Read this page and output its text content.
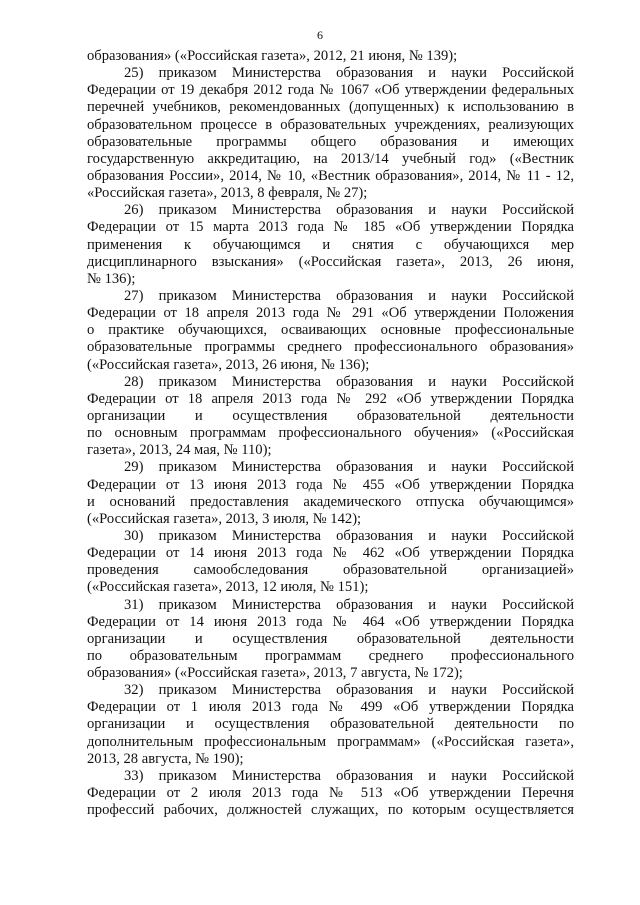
6
образования» («Российская газета», 2012, 21 июня, № 139);
25) приказом Министерства образования и науки Российской
Федерации от 19 декабря 2012 года № 1067 «Об утверждении федеральных
перечней учебников, рекомендованных (допущенных) к использованию в
образовательном процессе в образовательных учреждениях, реализующих
образовательные программы общего образования и имеющих
государственную аккредитацию, на 2013/14 учебный год» («Вестник
образования России», 2014, № 10, «Вестник образования», 2014, № 11 - 12,
«Российская газета», 2013, 8 февраля, № 27);
26) приказом Министерства образования и науки Российской
Федерации от 15 марта 2013 года № 185 «Об утверждении Порядка
применения к обучающимся и снятия с обучающихся мер
дисциплинарного взыскания» («Российская газета», 2013, 26 июня,
№ 136);
27) приказом Министерства образования и науки Российской
Федерации от 18 апреля 2013 года № 291 «Об утверждении Положения
о практике обучающихся, осваивающих основные профессиональные
образовательные программы среднего профессионального образования»
(«Российская газета», 2013, 26 июня, № 136);
28) приказом Министерства образования и науки Российской
Федерации от 18 апреля 2013 года № 292 «Об утверждении Порядка
организации и осуществления образовательной деятельности
по основным программам профессионального обучения» («Российская
газета», 2013, 24 мая, № 110);
29) приказом Министерства образования и науки Российской
Федерации от 13 июня 2013 года № 455 «Об утверждении Порядка
и оснований предоставления академического отпуска обучающимся»
(«Российская газета», 2013, 3 июля, № 142);
30) приказом Министерства образования и науки Российской
Федерации от 14 июня 2013 года № 462 «Об утверждении Порядка
проведения самообследования образовательной организацией»
(«Российская газета», 2013, 12 июля, № 151);
31) приказом Министерства образования и науки Российской
Федерации от 14 июня 2013 года № 464 «Об утверждении Порядка
организации и осуществления образовательной деятельности
по образовательным программам среднего профессионального
образования» («Российская газета», 2013, 7 августа, № 172);
32) приказом Министерства образования и науки Российской
Федерации от 1 июля 2013 года № 499 «Об утверждении Порядка
организации и осуществления образовательной деятельности по
дополнительным профессиональным программам» («Российская газета»,
2013, 28 августа, № 190);
33) приказом Министерства образования и науки Российской
Федерации от 2 июля 2013 года № 513 «Об утверждении Перечня
профессий рабочих, должностей служащих, по которым осуществляется
